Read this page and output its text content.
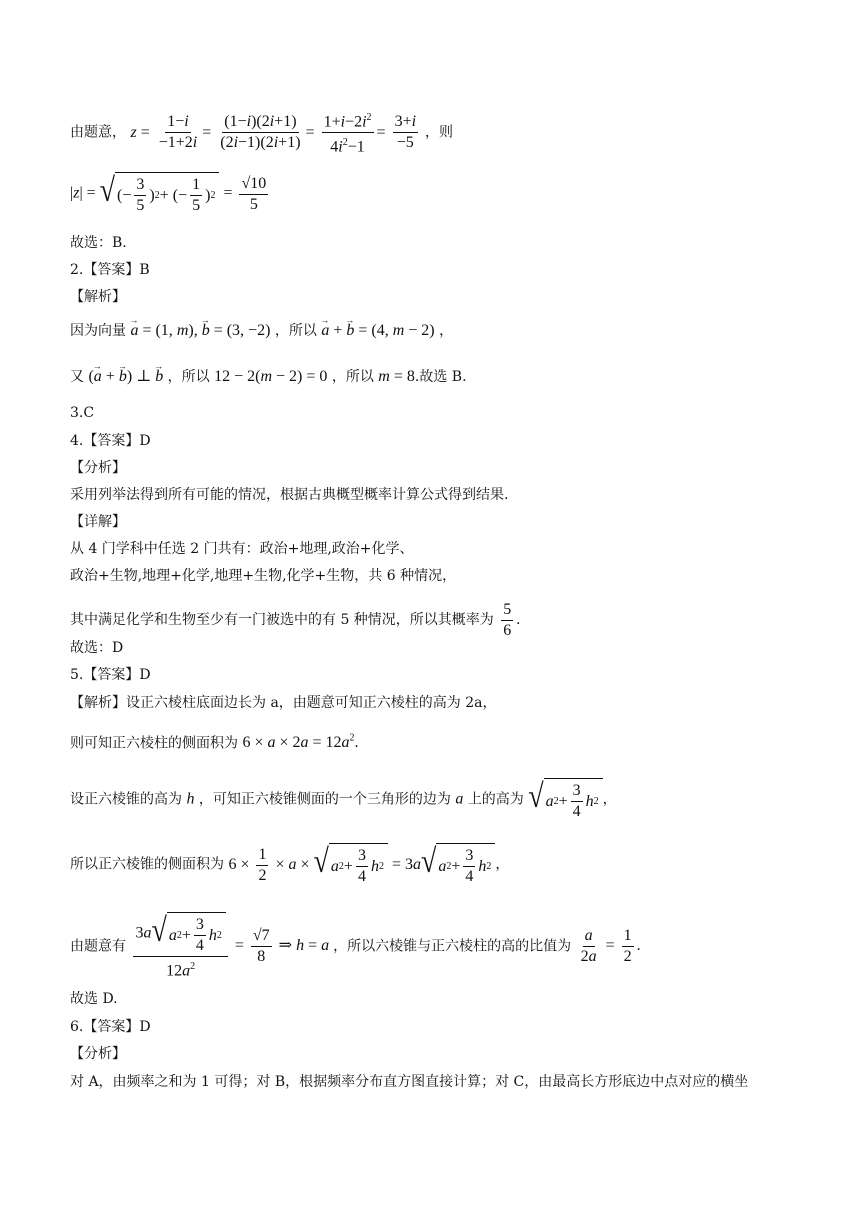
由题意， $z = \frac{1-i}{-1+2i} = \frac{(1-i)(2i+1)}{(2i-1)(2i+1)} = \frac{1+i-2i^2}{4i^2-1} = \frac{3+i}{-5}$ ，则
|z| = √ (− $\frac{3}{5}$ ) 2 + (− $\frac{1}{5}$ ) $2 = \frac{√10}{5}$
故选：B.
2.【答案】B
【解析】
因为向量 → a = (1, m), → b = (3, −2) ，所以 → a + → b = (4, m − 2) ，
又 (→ a + → b) ⊥ → b ，所以 12 − 2(m − 2) = 0 ，所以 m = 8.故选 B.
3.C
4.【答案】D
【分析】
采用列举法得到所有可能的情况，根据古典概型概率计算公式得到结果.
【详解】
从 4 门学科中任选 2 门共有：政治+地理,政治+化学、
政治+生物,地理+化学,地理+生物,化学+生物，共 6 种情况，
其中满足化学和生物至少有一门被选中的有 5 种情况，所以其概率为 $\frac{5}{6}$ .
故选：D
5.【答案】D
【解析】设正六棱柱底面边长为 a，由题意可知正六棱柱的高为 2a，
则可知正六棱柱的侧面积为 $6 \times a \times 2a = 12a^2$.
设正六棱锥的高为 h ，可知正六棱锥侧面的一个三角形的边为 a 上的高为 √ a $2 + \frac{3}{4}$ h 2 ，
所以正六棱锥的侧面积为 $6 \times \frac{1}{2} \times a$ × √ a $2 + \frac{3}{4}$ h 2 = 3a √ a $2 + \frac{3}{4}$ h 2 ，
由题意有 $\frac{3a √ a 2 + \frac{3}{4} h 2}{12a^2} = \frac{√7}{8}$ ⇒ h = a ，所以六棱锥与正六棱柱的高的比值为 $\frac{a}{2a} = \frac{1}{2}$ .
故选 D.
6.【答案】D
【分析】
对 A，由频率之和为 1 可得；对 B，根据频率分布直方图直接计算；对 C，由最高长方形底边中点对应的横坐
